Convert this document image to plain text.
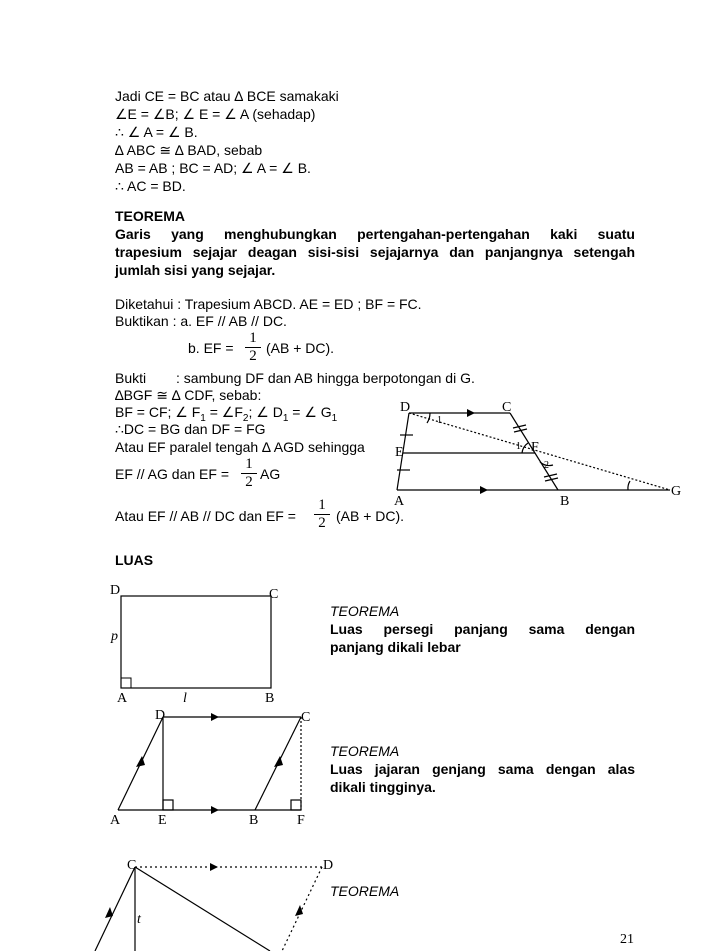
Jadi CE = BC atau ∆ BCE samakaki
∠E = ∠B; ∠ E = ∠ A (sehadap)
∴ ∠ A = ∠ B.
∆ ABC ≅ ∆ BAD, sebab
AB = AB ; BC = AD; ∠ A = ∠ B.
∴ AC = BD.
TEOREMA
Garis yang menghubungkan pertengahan-pertengahan kaki suatu
trapesium sejajar deagan sisi-sisi sejajarnya dan panjangnya setengah
jumlah sisi yang sejajar.
Diketahui : Trapesium ABCD. AE = ED ; BF = FC.
Buktikan : a. EF // AB // DC.
b. EF =
1
2 (AB + DC).
Bukti : sambung DF dan AB hingga berpotongan di G.
∆BGF ≅ ∆ CDF, sebab:
BF = CF; ∠ $F_1$ = $\angle F_2$; ∠ $D_1$ = ∠ $G_1$
∴DC = BG dan DF = FG
Atau EF paralel tengah ∆ AGD sehingga
EF // AG dan EF =
1
2 AG
Atau EF // AB // DC dan EF =
1
2 (AB + DC).
D	C
E	F
A	B
G
1
1
2
LUAS
D	C
A	B
p
l
TEOREMA
Luas persegi panjang sama dengan
panjang dikali lebar
D	C
A	E	B	F
TEOREMA
Luas jajaran genjang sama dengan alas
dikali tingginya.
C	D
t
TEOREMA
21
